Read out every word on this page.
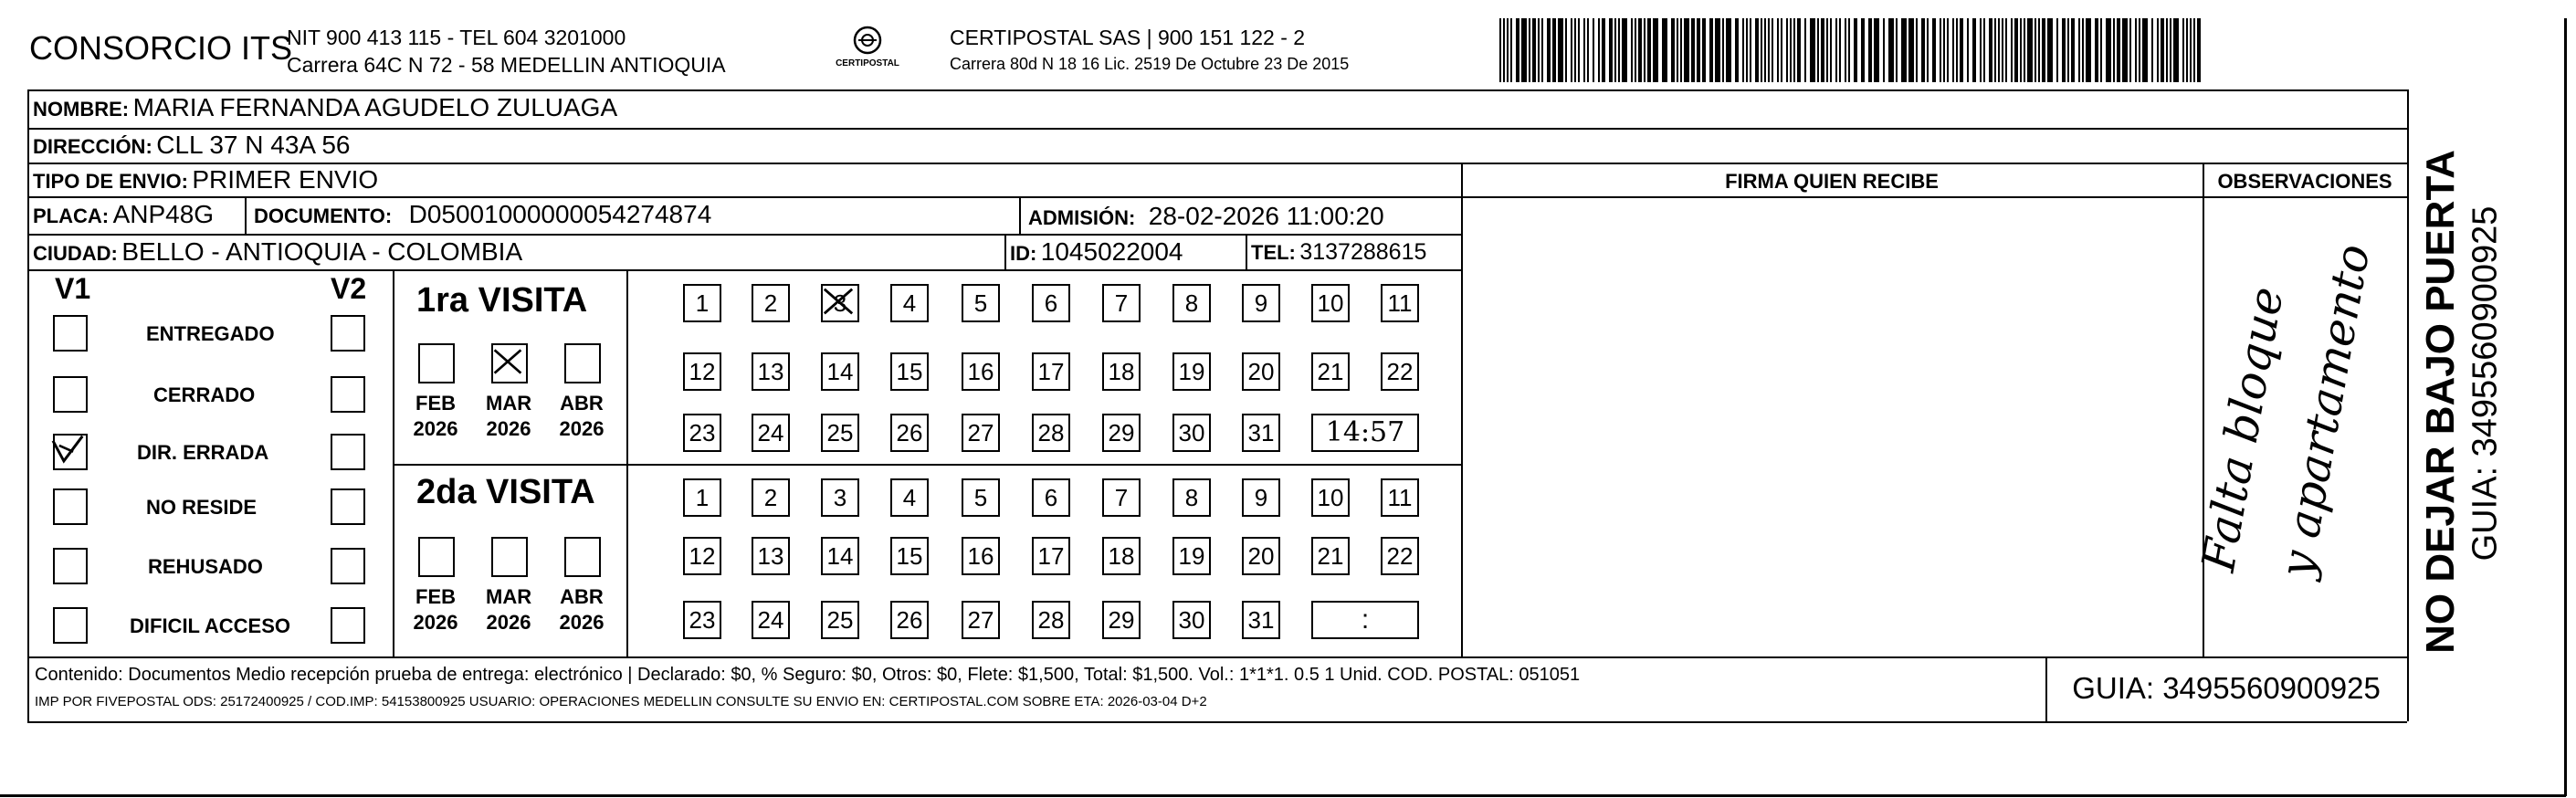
CONSORCIO ITS
NIT 900 413 115 - TEL 604 3201000
Carrera 64C N 72 - 58 MEDELLIN ANTIOQUIA	CERTIPOSTAL
CERTIPOSTAL SAS | 900 151 122 - 2
Carrera 80d N 18 16 Lic. 2519 De Octubre 23 De 2015
NOMBRE: MARIA FERNANDA AGUDELO ZULUAGA
DIRECCIÓN: CLL 37 N 43A 56
TIPO DE ENVIO: PRIMER ENVIO
PLACA: ANP48G DOCUMENTO: D05001000000054274874	ADMISIÓN: 28-02-2026 11:00:20
CIUDAD: BELLO - ANTIOQUIA - COLOMBIA	ID: 1045022004	TEL: 3137288615
FIRMA QUIEN RECIBE	OBSERVACIONES
V1	V2
ENTREGADO
CERRADO
DIR. ERRADA
NO RESIDE
REHUSADO
DIFICIL ACCESO
1ra VISITA
FEB
2026
MAR
2026
ABR
2026
1	2	3	4	5	6	7	8	9	10 11
12 13 14 15 16 17 18 19 20 21 22
23 24 25 26 27 28 29 30 31	14:57
2da VISITA
FEB
2026
MAR
2026
ABR
2026
1	2	3	4	5	6	7	8	9	10 11
12 13 14 15 16 17 18 19 20 21 22
23 24 25 26 27 28 29 30 31	:
Falta bloque
y apartamento NO DEJAR BAJO PUERTA GUIA: 3495560900925
Contenido: Documentos Medio recepción prueba de entrega: electrónico | Declarado: $0, % Seguro: $0, Otros: $0, Flete: $1,500, Total: $1,500. Vol.: 1*1*1. 0.5 1 Unid. COD. POSTAL: 051051
IMP POR FIVEPOSTAL ODS: 25172400925 / COD.IMP: 54153800925 USUARIO: OPERACIONES MEDELLIN CONSULTE SU ENVIO EN: CERTIPOSTAL.COM SOBRE ETA: 2026-03-04 D+2	GUIA: 3495560900925
